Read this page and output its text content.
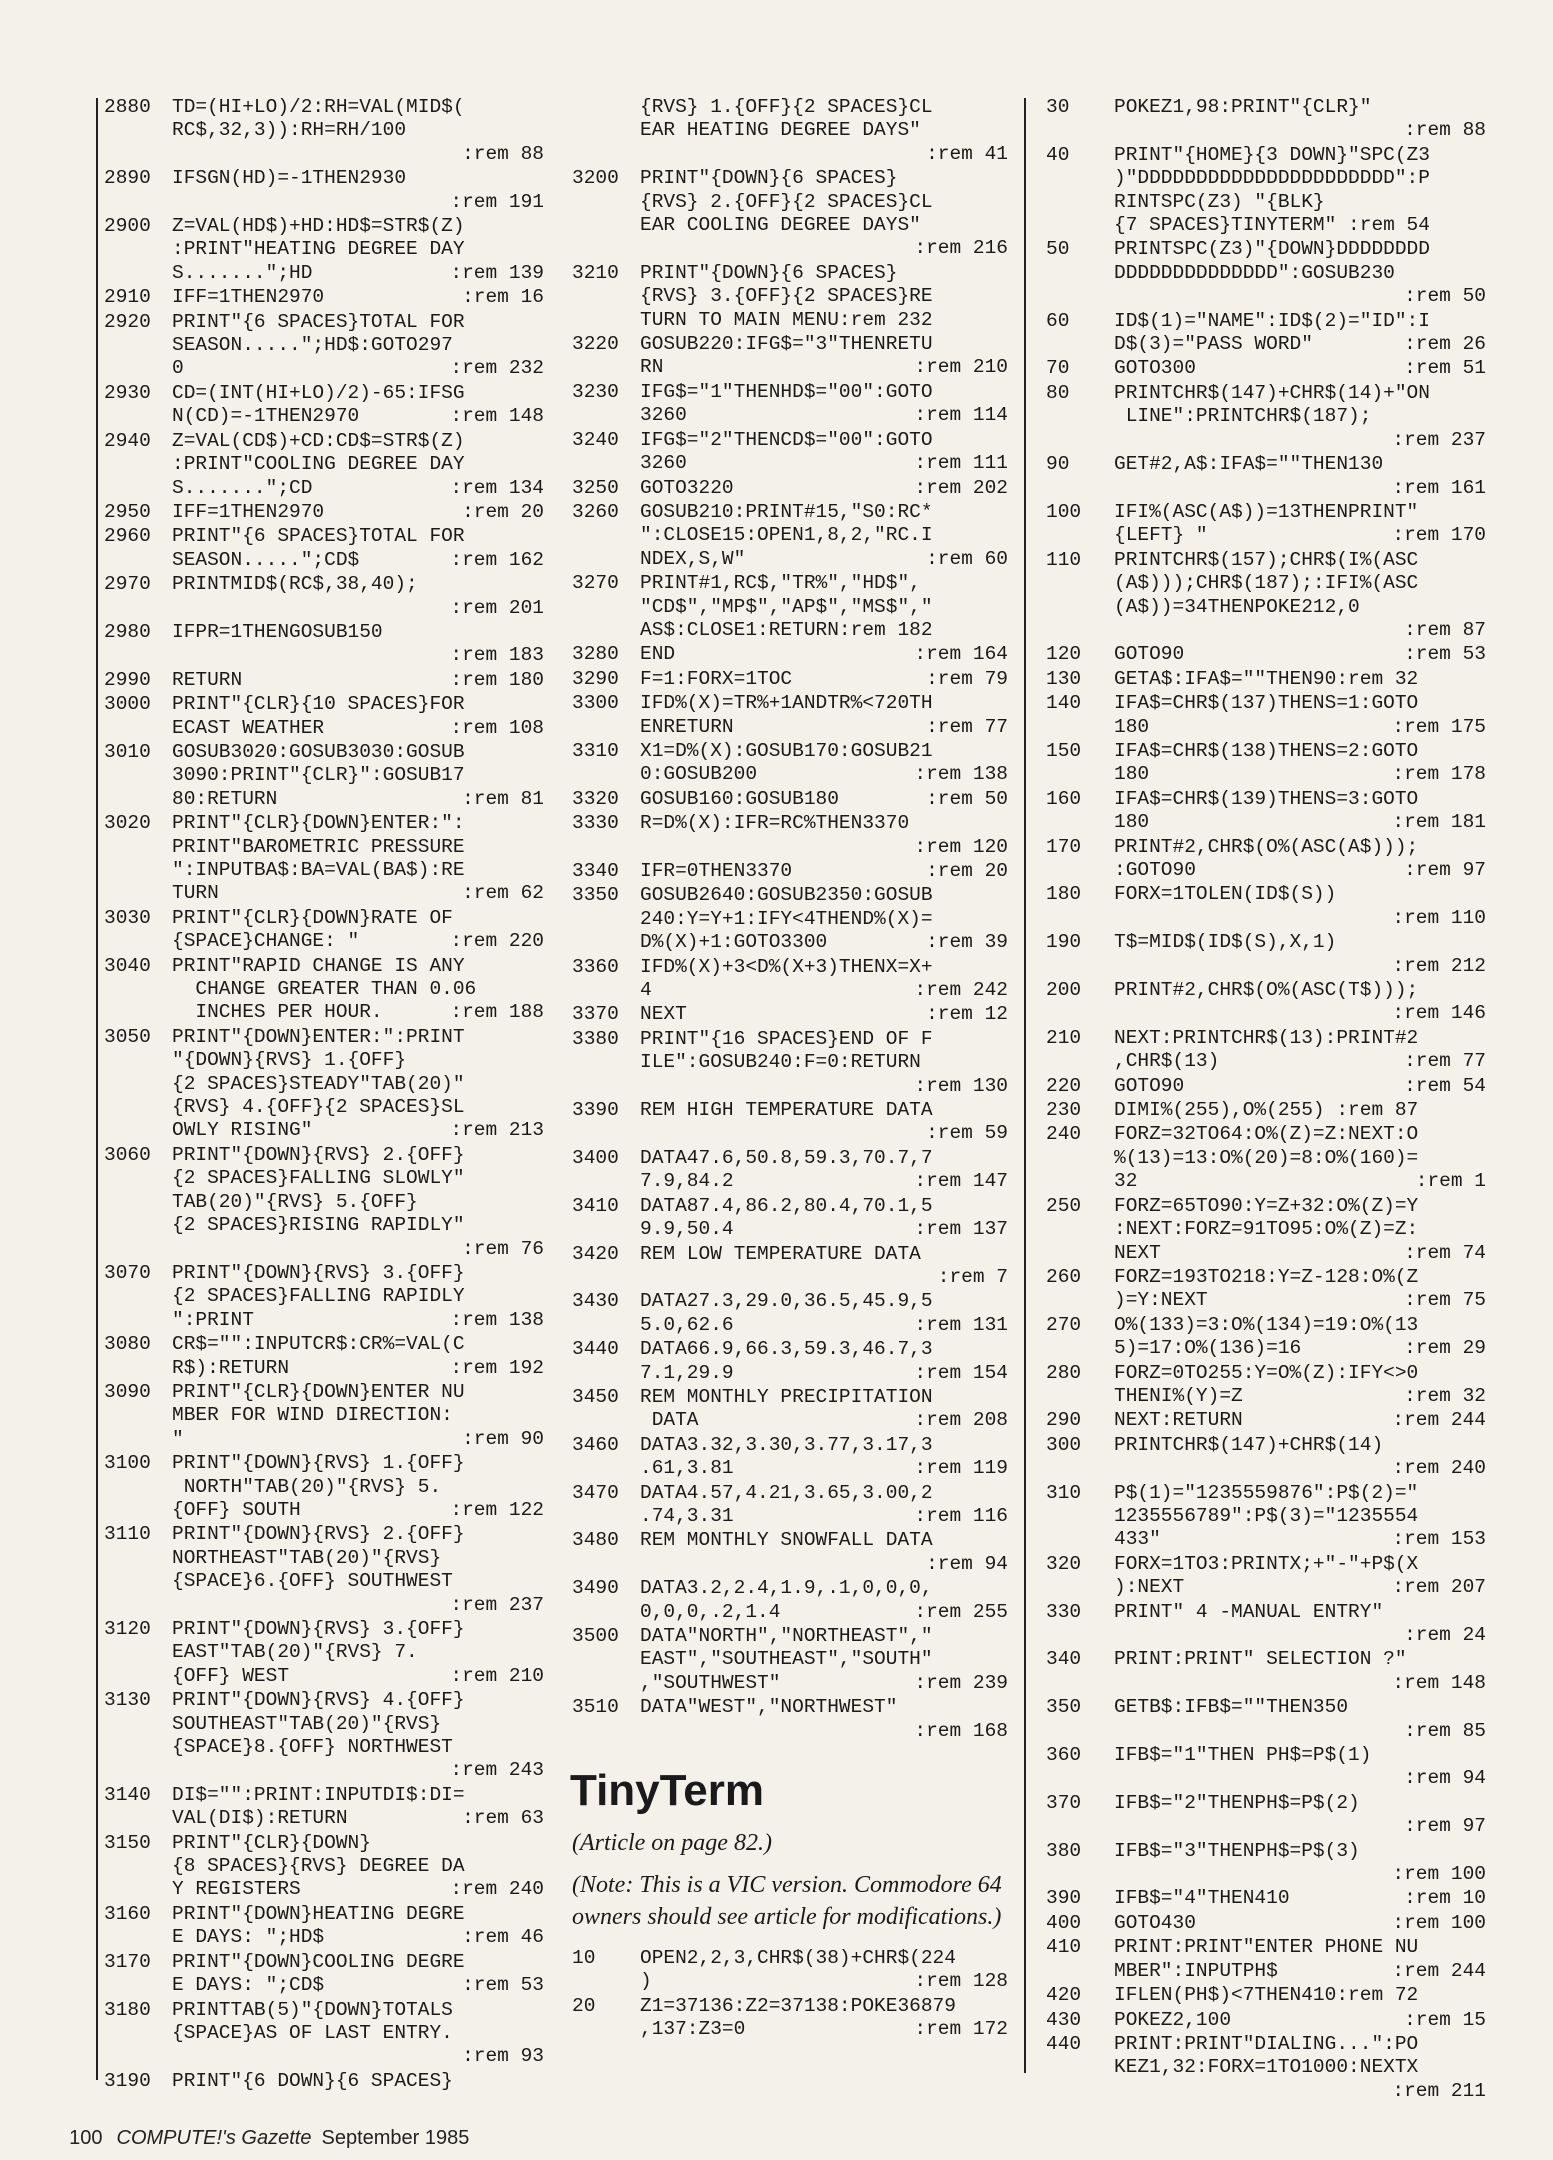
2880	TD=(HI+LO)/2:RH=VAL(MID$(
RC$,32,3)):RH=RH/100
:rem 88
2890	IFSGN(HD)=-1THEN2930
:rem 191
2900	Z=VAL(HD$)+HD:HD$=STR$(Z)
:PRINT"HEATING DEGREE DAY
S.......";HD	:rem 139
2910	IFF=1THEN2970	:rem 16
2920	PRINT"{6 SPACES}TOTAL FOR
SEASON.....";HD$:GOTO297
0	:rem 232
2930	CD=(INT(HI+LO)/2)-65:IFSG
N(CD)=-1THEN2970	:rem 148
2940	Z=VAL(CD$)+CD:CD$=STR$(Z)
:PRINT"COOLING DEGREE DAY
S.......";CD	:rem 134
2950	IFF=1THEN2970	:rem 20
2960	PRINT"{6 SPACES}TOTAL FOR
SEASON.....";CD$	:rem 162
2970	PRINTMID$(RC$,38,40);
:rem 201
2980	IFPR=1THENGOSUB150
:rem 183
2990	RETURN	:rem 180
3000	PRINT"{CLR}{10 SPACES}FOR
ECAST WEATHER	:rem 108
3010	GOSUB3020:GOSUB3030:GOSUB
3090:PRINT"{CLR}":GOSUB17
80:RETURN	:rem 81
3020	PRINT"{CLR}{DOWN}ENTER:":
PRINT"BAROMETRIC PRESSURE
":INPUTBA$:BA=VAL(BA$):RE
TURN	:rem 62
3030	PRINT"{CLR}{DOWN}RATE OF
{SPACE}CHANGE: "	:rem 220
3040	PRINT"RAPID CHANGE IS ANY
CHANGE GREATER THAN 0.06
INCHES PER HOUR.	:rem 188
3050	PRINT"{DOWN}ENTER:":PRINT
"{DOWN}{RVS} 1.{OFF}
{2 SPACES}STEADY"TAB(20)"
{RVS} 4.{OFF}{2 SPACES}SL
OWLY RISING"	:rem 213
3060	PRINT"{DOWN}{RVS} 2.{OFF}
{2 SPACES}FALLING SLOWLY"
TAB(20)"{RVS} 5.{OFF}
{2 SPACES}RISING RAPIDLY"
:rem 76
3070	PRINT"{DOWN}{RVS} 3.{OFF}
{2 SPACES}FALLING RAPIDLY
":PRINT	:rem 138
3080	CR$="":INPUTCR$:CR%=VAL(C
R$):RETURN	:rem 192
3090	PRINT"{CLR}{DOWN}ENTER NU
MBER FOR WIND DIRECTION:
"	:rem 90
3100	PRINT"{DOWN}{RVS} 1.{OFF}
NORTH"TAB(20)"{RVS} 5.
{OFF} SOUTH	:rem 122
3110	PRINT"{DOWN}{RVS} 2.{OFF}
NORTHEAST"TAB(20)"{RVS}
{SPACE}6.{OFF} SOUTHWEST
:rem 237
3120	PRINT"{DOWN}{RVS} 3.{OFF}
EAST"TAB(20)"{RVS} 7.
{OFF} WEST	:rem 210
3130	PRINT"{DOWN}{RVS} 4.{OFF}
SOUTHEAST"TAB(20)"{RVS}
{SPACE}8.{OFF} NORTHWEST
:rem 243
3140	DI$="":PRINT:INPUTDI$:DI=
VAL(DI$):RETURN	:rem 63
3150	PRINT"{CLR}{DOWN}
{8 SPACES}{RVS} DEGREE DA
Y REGISTERS	:rem 240
3160	PRINT"{DOWN}HEATING DEGRE
E DAYS: ";HD$	:rem 46
3170	PRINT"{DOWN}COOLING DEGRE
E DAYS: ";CD$	:rem 53
3180	PRINTTAB(5)"{DOWN}TOTALS
{SPACE}AS OF LAST ENTRY.
:rem 93
3190	PRINT"{6 DOWN}{6 SPACES}
{RVS} 1.{OFF}{2 SPACES}CL
EAR HEATING DEGREE DAYS"
:rem 41
3200	PRINT"{DOWN}{6 SPACES}
{RVS} 2.{OFF}{2 SPACES}CL
EAR COOLING DEGREE DAYS"
:rem 216
3210	PRINT"{DOWN}{6 SPACES}
{RVS} 3.{OFF}{2 SPACES}RE
TURN TO MAIN MENU:rem 232
3220	GOSUB220:IFG$="3"THENRETU
RN	:rem 210
3230	IFG$="1"THENHD$="00":GOTO
3260	:rem 114
3240	IFG$="2"THENCD$="00":GOTO
3260	:rem 111
3250	GOTO3220	:rem 202
3260	GOSUB210:PRINT#15,"S0:RC*
":CLOSE15:OPEN1,8,2,"RC.I
NDEX,S,W"	:rem 60
3270	PRINT#1,RC$,"TR%","HD$",
"CD$","MP$","AP$","MS$","
AS$:CLOSE1:RETURN:rem 182
3280	END	:rem 164
3290	F=1:FORX=1TOC	:rem 79
3300	IFD%(X)=TR%+1ANDTR%<720TH
ENRETURN	:rem 77
3310	X1=D%(X):GOSUB170:GOSUB21
0:GOSUB200	:rem 138
3320	GOSUB160:GOSUB180	:rem 50
3330	R=D%(X):IFR=RC%THEN3370
:rem 120
3340	IFR=0THEN3370	:rem 20
3350	GOSUB2640:GOSUB2350:GOSUB
240:Y=Y+1:IFY<4THEND%(X)=
D%(X)+1:GOTO3300	:rem 39
3360	IFD%(X)+3<D%(X+3)THENX=X+
4	:rem 242
3370	NEXT	:rem 12
3380	PRINT"{16 SPACES}END OF F
ILE":GOSUB240:F=0:RETURN
:rem 130
3390	REM HIGH TEMPERATURE DATA
:rem 59
3400	DATA47.6,50.8,59.3,70.7,7
7.9,84.2	:rem 147
3410	DATA87.4,86.2,80.4,70.1,5
9.9,50.4	:rem 137
3420	REM LOW TEMPERATURE DATA
:rem 7
3430	DATA27.3,29.0,36.5,45.9,5
5.0,62.6	:rem 131
3440	DATA66.9,66.3,59.3,46.7,3
7.1,29.9	:rem 154
3450	REM MONTHLY PRECIPITATION
DATA	:rem 208
3460	DATA3.32,3.30,3.77,3.17,3
.61,3.81	:rem 119
3470	DATA4.57,4.21,3.65,3.00,2
.74,3.31	:rem 116
3480	REM MONTHLY SNOWFALL DATA
:rem 94
3490	DATA3.2,2.4,1.9,.1,0,0,0,
0,0,0,.2,1.4	:rem 255
3500	DATA"NORTH","NORTHEAST","
EAST","SOUTHEAST","SOUTH"
,"SOUTHWEST"	:rem 239
3510	DATA"WEST","NORTHWEST"
:rem 168
TinyTerm
(Article on page 82.)
(Note: This is a VIC version. Commodore 64 owners should see article for modifications.)
10	OPEN2,2,3,CHR$(38)+CHR$(224
)	:rem 128
20	Z1=37136:Z2=37138:POKE36879
,137:Z3=0	:rem 172
30	POKEZ1,98:PRINT"{CLR}"
:rem 88
40	PRINT"{HOME}{3 DOWN}"SPC(Z3
)"DDDDDDDDDDDDDDDDDDDDDD":P
RINTSPC(Z3) "{BLK}
{7 SPACES}TINYTERM" :rem 54
50	PRINTSPC(Z3)"{DOWN}DDDDDDDD
DDDDDDDDDDDDDD":GOSUB230
:rem 50
60	ID$(1)="NAME":ID$(2)="ID":I
D$(3)="PASS WORD"	:rem 26
70	GOTO300	:rem 51
80	PRINTCHR$(147)+CHR$(14)+"ON
LINE":PRINTCHR$(187);
:rem 237
90	GET#2,A$:IFA$=""THEN130
:rem 161
100	IFI%(ASC(A$))=13THENPRINT"
{LEFT} "	:rem 170
110	PRINTCHR$(157);CHR$(I%(ASC
(A$)));CHR$(187);:IFI%(ASC
(A$))=34THENPOKE212,0
:rem 87
120	GOTO90	:rem 53
130	GETA$:IFA$=""THEN90:rem 32
140	IFA$=CHR$(137)THENS=1:GOTO
180	:rem 175
150	IFA$=CHR$(138)THENS=2:GOTO
180	:rem 178
160	IFA$=CHR$(139)THENS=3:GOTO
180	:rem 181
170	PRINT#2,CHR$(O%(ASC(A$)));
:GOTO90	:rem 97
180	FORX=1TOLEN(ID$(S))
:rem 110
190	T$=MID$(ID$(S),X,1)
:rem 212
200	PRINT#2,CHR$(O%(ASC(T$)));
:rem 146
210	NEXT:PRINTCHR$(13):PRINT#2
,CHR$(13)	:rem 77
220	GOTO90	:rem 54
230	DIMI%(255),O%(255) :rem 87
240	FORZ=32TO64:O%(Z)=Z:NEXT:O
%(13)=13:O%(20)=8:O%(160)=
32	:rem 1
250	FORZ=65TO90:Y=Z+32:O%(Z)=Y
:NEXT:FORZ=91TO95:O%(Z)=Z:
NEXT	:rem 74
260	FORZ=193TO218:Y=Z-128:O%(Z
)=Y:NEXT	:rem 75
270	O%(133)=3:O%(134)=19:O%(13
5)=17:O%(136)=16	:rem 29
280	FORZ=0TO255:Y=O%(Z):IFY<>0
THENI%(Y)=Z	:rem 32
290	NEXT:RETURN	:rem 244
300	PRINTCHR$(147)+CHR$(14)
:rem 240
310	P$(1)="1235559876":P$(2)="
1235556789":P$(3)="1235554
433"	:rem 153
320	FORX=1TO3:PRINTX;+"-"+P$(X
):NEXT	:rem 207
330	PRINT" 4 -MANUAL ENTRY"
:rem 24
340	PRINT:PRINT" SELECTION ?"
:rem 148
350	GETB$:IFB$=""THEN350
:rem 85
360	IFB$="1"THEN PH$=P$(1)
:rem 94
370	IFB$="2"THENPH$=P$(2)
:rem 97
380	IFB$="3"THENPH$=P$(3)
:rem 100
390	IFB$="4"THEN410	:rem 10
400	GOTO430	:rem 100
410	PRINT:PRINT"ENTER PHONE NU
MBER":INPUTPH$	:rem 244
420	IFLEN(PH$)<7THEN410:rem 72
430	POKEZ2,100	:rem 15
440	PRINT:PRINT"DIALING...":PO
KEZ1,32:FORX=1TO1000:NEXTX
:rem 211

100 COMPUTE!'s Gazette September 1985
